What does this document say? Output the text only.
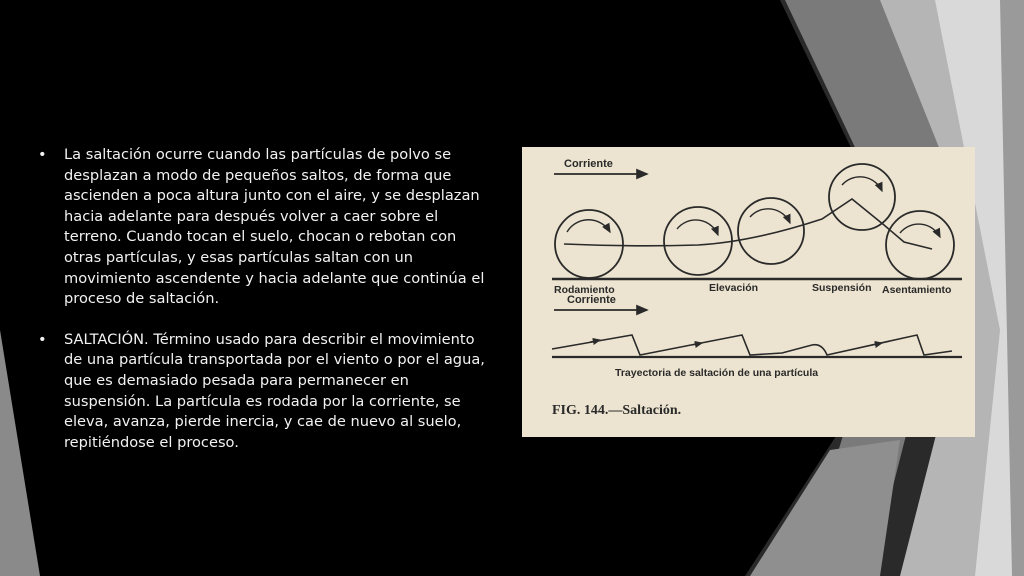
• La saltación ocurre cuando las partículas de polvo se desplazan a modo de pequeños saltos, de forma que ascienden a poca altura junto con el aire, y se desplazan hacia adelante para después volver a caer sobre el terreno. Cuando tocan el suelo, chocan o rebotan con otras partículas, y esas partículas saltan con un movimiento ascendente y hacia adelante que continúa el proceso de saltación.
• SALTACIÓN. Término usado para describir el movimiento de una partícula transportada por el viento o por el agua, que es demasiado pesada para permanecer en suspensión. La partícula es rodada por la corriente, se eleva, avanza, pierde inercia, y cae de nuevo al suelo, repitiéndose el proceso.
Corriente
Rodamiento	Elevación	Suspensión Asentamiento
Corriente
Trayectoria de saltación de una partícula
FIG. 144.—Saltación.
